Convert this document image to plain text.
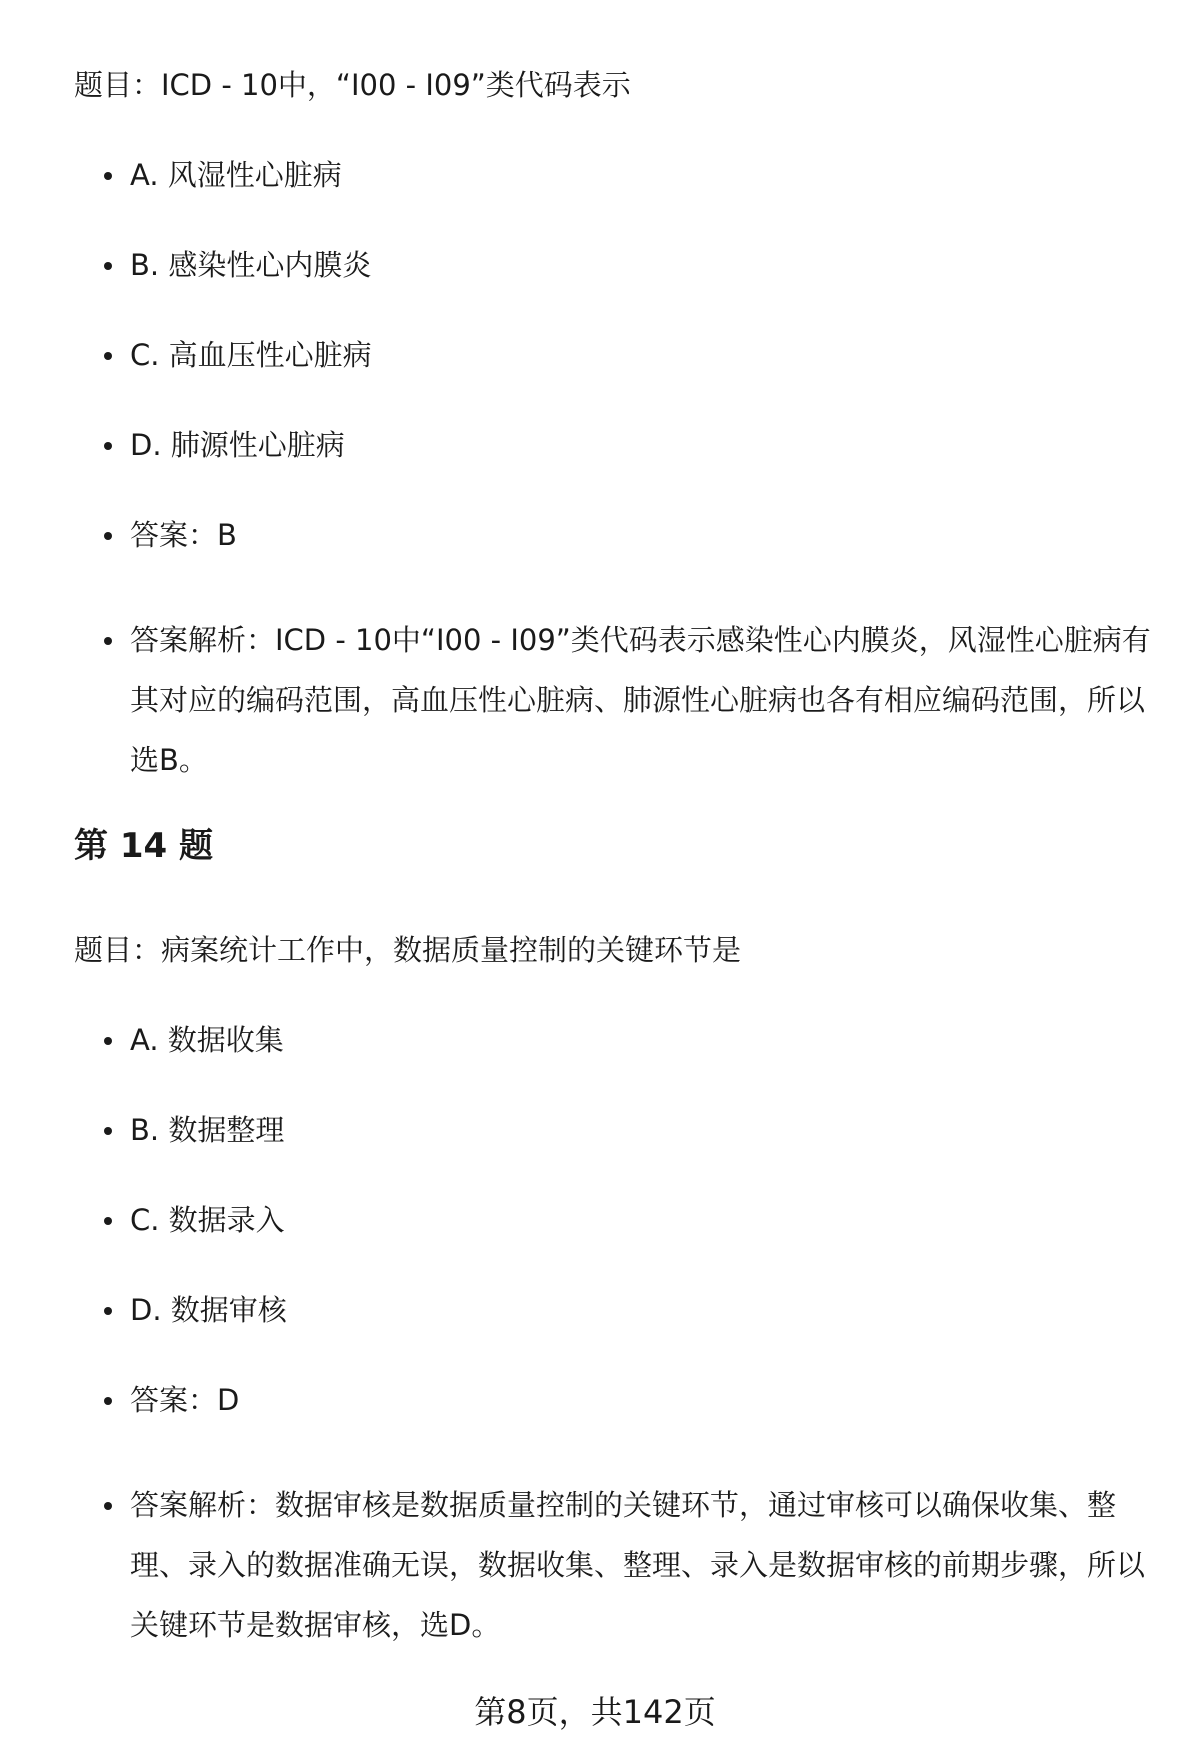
题目：ICD - 10中，“I00 - I09”类代码表示

A. 风湿性心脏病
B. 感染性心内膜炎
C. 高血压性心脏病
D. 肺源性心脏病
答案：B
答案解析：ICD - 10中“I00 - I09”类代码表示感染性心内膜炎，风湿性心脏病有其对应的编码范围，高血压性心脏病、肺源性心脏病也各有相应编码范围，所以选B。
第 14 题

题目：病案统计工作中，数据质量控制的关键环节是

A. 数据收集
B. 数据整理
C. 数据录入
D. 数据审核
答案：D
答案解析：数据审核是数据质量控制的关键环节，通过审核可以确保收集、整理、录入的数据准确无误，数据收集、整理、录入是数据审核的前期步骤，所以关键环节是数据审核，选D。
第8页，共142页
